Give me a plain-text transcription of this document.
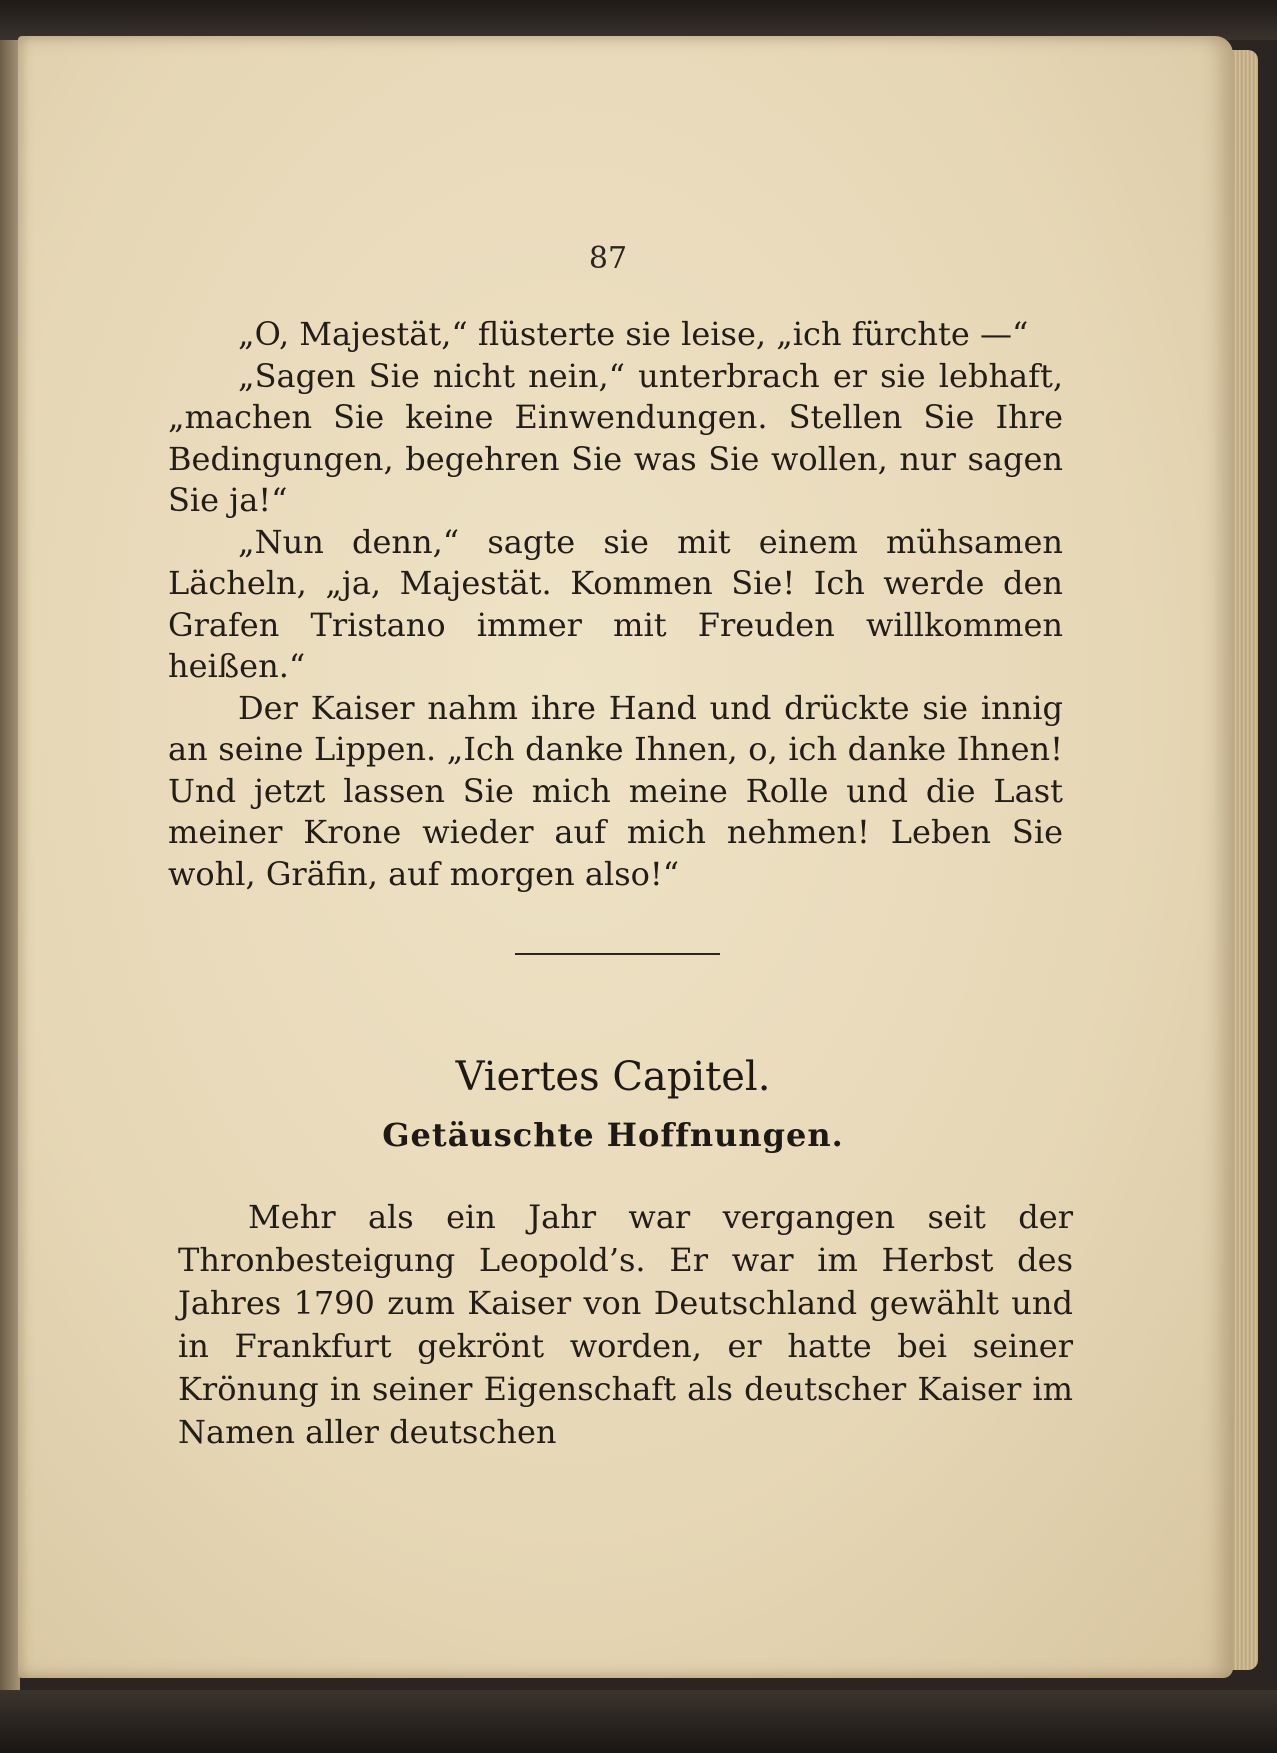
87

„O, Majestät,“ flüsterte sie leise, „ich fürchte —“

„Sagen Sie nicht nein,“ unterbrach er sie lebhaft, „machen Sie keine Einwendungen. Stellen Sie Ihre Bedingungen, begehren Sie was Sie wollen, nur sagen Sie ja!“

„Nun denn,“ sagte sie mit einem mühsamen Lächeln, „ja, Majestät. Kommen Sie! Ich werde den Grafen Tristano immer mit Freuden willkommen heißen.“

Der Kaiser nahm ihre Hand und drückte sie innig an seine Lippen. „Ich danke Ihnen, o, ich danke Ihnen! Und jetzt lassen Sie mich meine Rolle und die Last meiner Krone wieder auf mich nehmen! Leben Sie wohl, Gräfin, auf morgen also!“

Viertes Capitel.
Getäuschte Hoffnungen.

Mehr als ein Jahr war vergangen seit der Thronbesteigung Leopold’s. Er war im Herbst des Jahres 1790 zum Kaiser von Deutschland gewählt und in Frankfurt gekrönt worden, er hatte bei seiner Krönung in seiner Eigenschaft als deutscher Kaiser im Namen aller deutschen
